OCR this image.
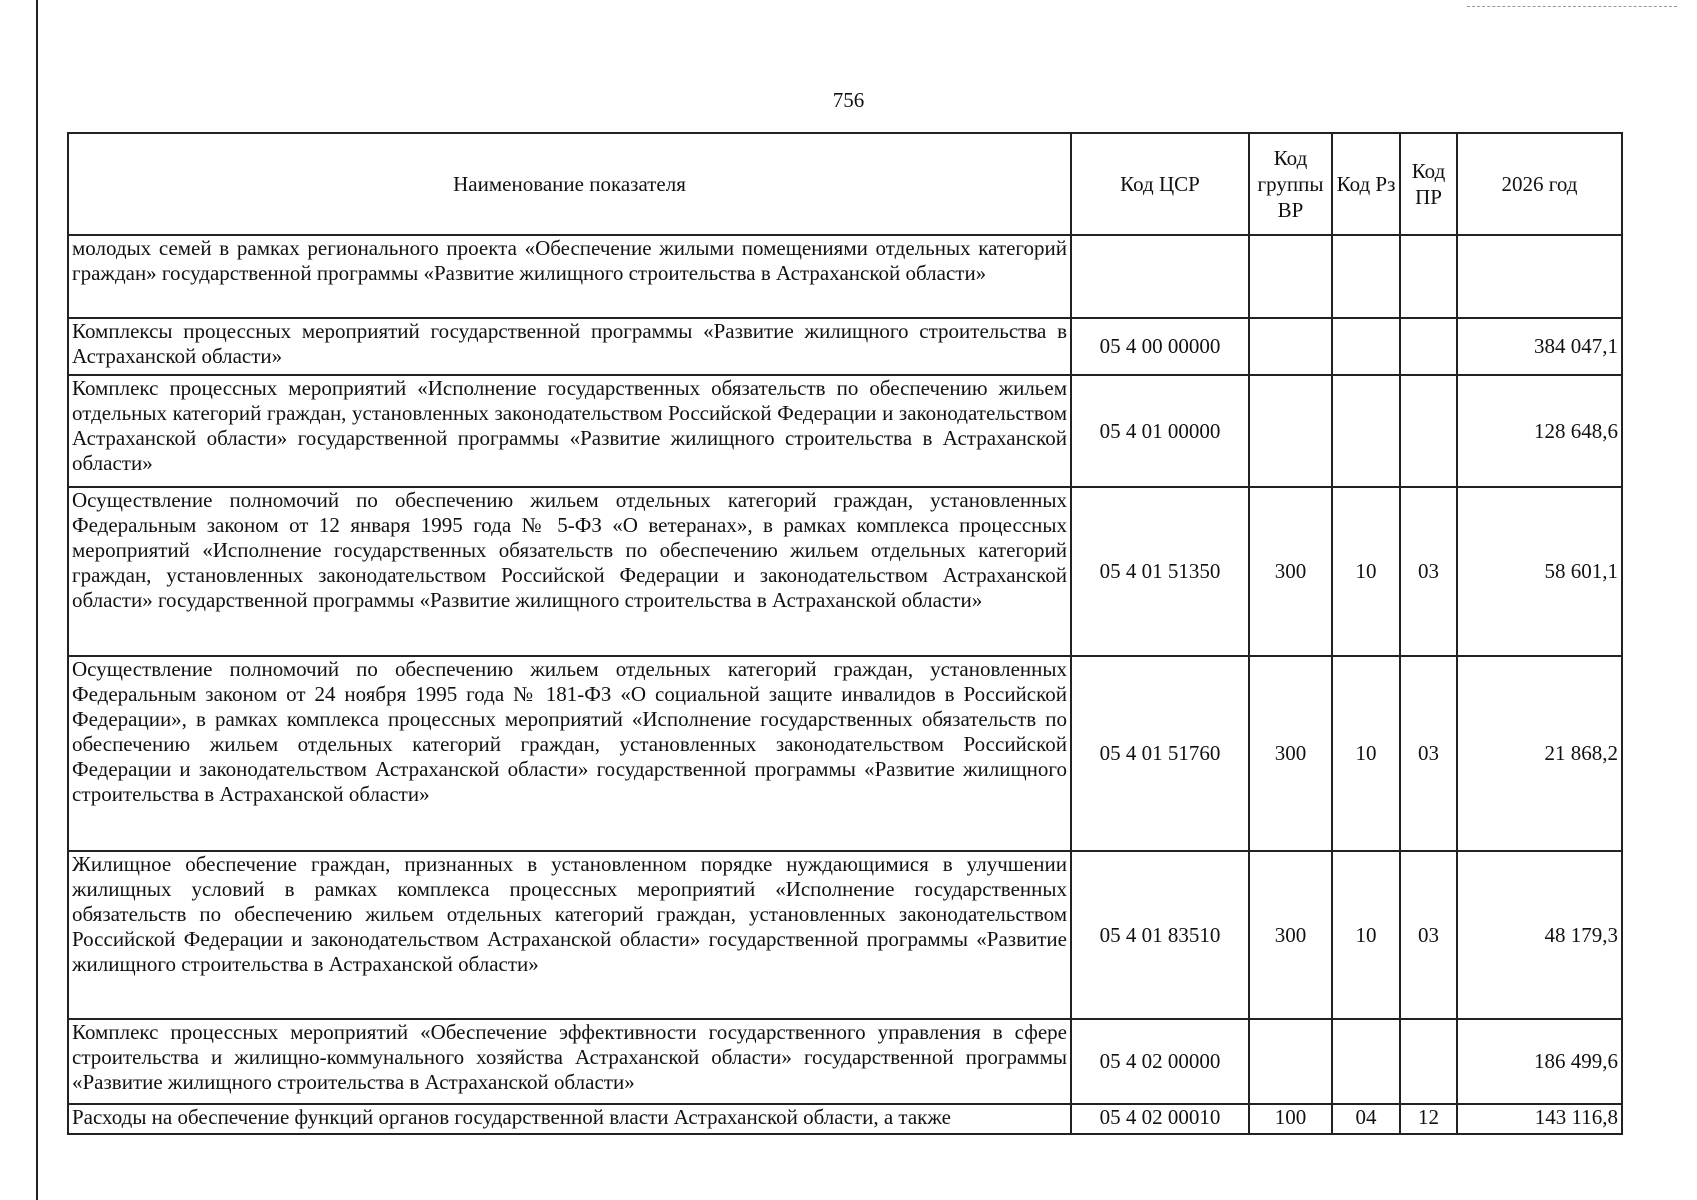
756
Наименование показателя	Код ЦСР	Код группы ВР	Код Рз	Код ПР	2026 год
молодых семей в рамках регионального проекта «Обеспечение жилыми помещениями отдельных категорий граждан» государственной программы «Развитие жилищного строительства в Астраханской области»					
Комплексы процессных мероприятий государственной программы «Развитие жилищного строительства в Астраханской области»	05 4 00 00000				384 047,1
Комплекс процессных мероприятий «Исполнение государственных обязательств по обеспечению жильем отдельных категорий граждан, установленных законодательством Российской Федерации и законодательством Астраханской области» государственной программы «Развитие жилищного строительства в Астраханской области»	05 4 01 00000				128 648,6
Осуществление полномочий по обеспечению жильем отдельных категорий граждан, установленных Федеральным законом от 12 января 1995 года № 5-ФЗ «О ветеранах», в рамках комплекса процессных мероприятий «Исполнение государственных обязательств по обеспечению жильем отдельных категорий граждан, установленных законодательством Российской Федерации и законодательством Астраханской области» государственной программы «Развитие жилищного строительства в Астраханской области»	05 4 01 51350	300	10	03	58 601,1
Осуществление полномочий по обеспечению жильем отдельных категорий граждан, установленных Федеральным законом от 24 ноября 1995 года № 181-ФЗ «О социальной защите инвалидов в Российской Федерации», в рамках комплекса процессных мероприятий «Исполнение государственных обязательств по обеспечению жильем отдельных категорий граждан, установленных законодательством Российской Федерации и законодательством Астраханской области» государственной программы «Развитие жилищного строительства в Астраханской области»	05 4 01 51760	300	10	03	21 868,2
Жилищное обеспечение граждан, признанных в установленном порядке нуждающимися в улучшении жилищных условий в рамках комплекса процессных мероприятий «Исполнение государственных обязательств по обеспечению жильем отдельных категорий граждан, установленных законодательством Российской Федерации и законодательством Астраханской области» государственной программы «Развитие жилищного строительства в Астраханской области»	05 4 01 83510	300	10	03	48 179,3
Комплекс процессных мероприятий «Обеспечение эффективности государственного управления в сфере строительства и жилищно-коммунального хозяйства Астраханской области» государственной программы «Развитие жилищного строительства в Астраханской области»	05 4 02 00000				186 499,6
Расходы на обеспечение функций органов государственной власти Астраханской области, а также	05 4 02 00010	100	04	12	143 116,8
